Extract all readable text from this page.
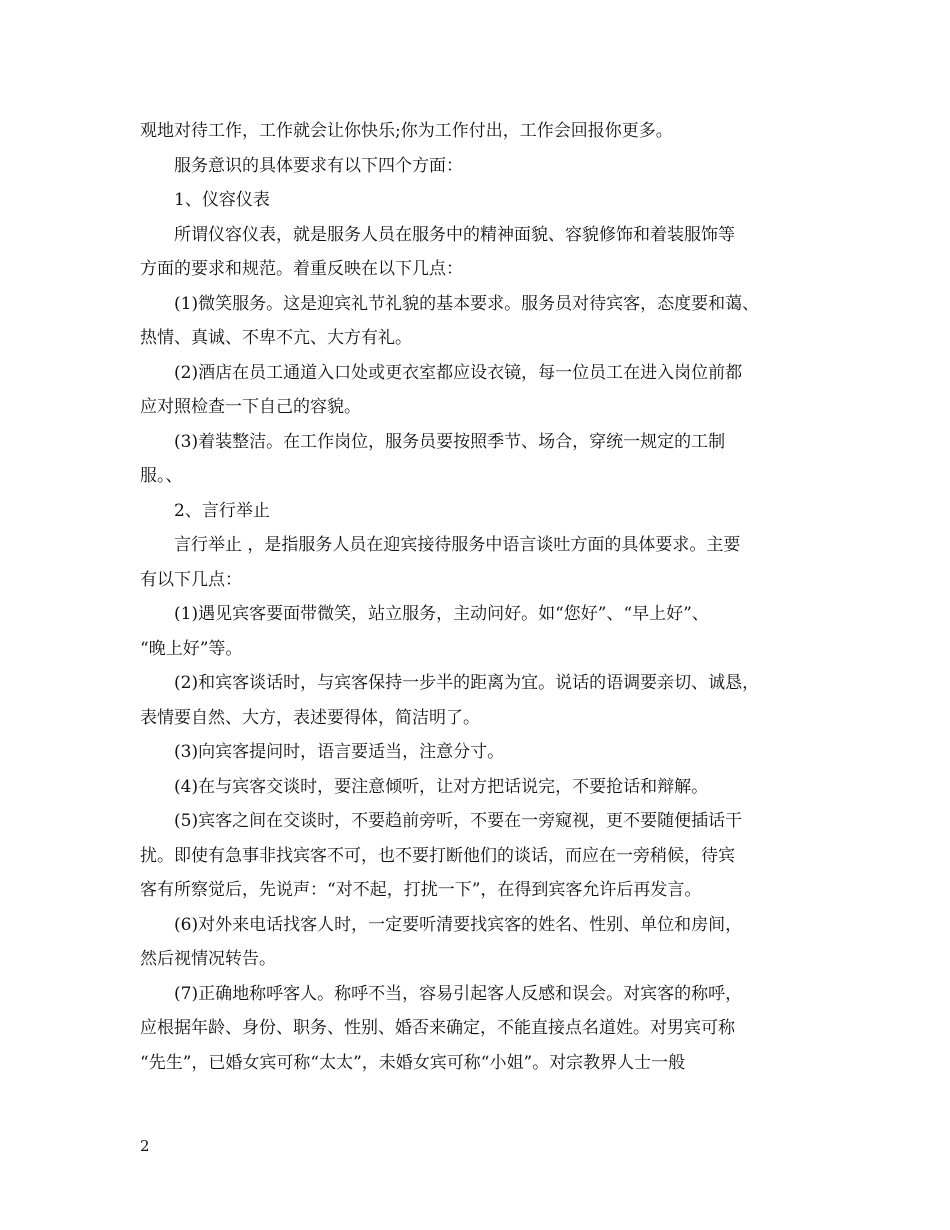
观地对待工作，工作就会让你快乐;你为工作付出，工作会回报你更多。
服务意识的具体要求有以下四个方面：
1、仪容仪表
所谓仪容仪表，就是服务人员在服务中的精神面貌、容貌修饰和着装服饰等
方面的要求和规范。着重反映在以下几点：
(1)微笑服务。这是迎宾礼节礼貌的基本要求。服务员对待宾客，态度要和蔼、
热情、真诚、不卑不亢、大方有礼。
(2)酒店在员工通道入口处或更衣室都应设衣镜，每一位员工在进入岗位前都
应对照检查一下自己的容貌。
(3)着装整洁。在工作岗位，服务员要按照季节、场合，穿统一规定的工制
服。、
2、言行举止
言行举止 ，是指服务人员在迎宾接待服务中语言谈吐方面的具体要求。主要
有以下几点：
(1)遇见宾客要面带微笑，站立服务，主动问好。如“您好”、“早上好”、
“晚上好”等。
(2)和宾客谈话时，与宾客保持一步半的距离为宜。说话的语调要亲切、诚恳，
表情要自然、大方，表述要得体，简洁明了。
(3)向宾客提问时，语言要适当，注意分寸。
(4)在与宾客交谈时，要注意倾听，让对方把话说完，不要抢话和辩解。
(5)宾客之间在交谈时，不要趋前旁听，不要在一旁窥视，更不要随便插话干
扰。即使有急事非找宾客不可，也不要打断他们的谈话，而应在一旁稍候，待宾
客有所察觉后，先说声：“对不起，打扰一下”，在得到宾客允许后再发言。
(6)对外来电话找客人时，一定要听清要找宾客的姓名、性别、单位和房间，
然后视情况转告。
(7)正确地称呼客人。称呼不当，容易引起客人反感和误会。对宾客的称呼，
应根据年龄、身份、职务、性别、婚否来确定，不能直接点名道姓。对男宾可称
“先生”，已婚女宾可称“太太”，未婚女宾可称“小姐”。对宗教界人士一般
2
